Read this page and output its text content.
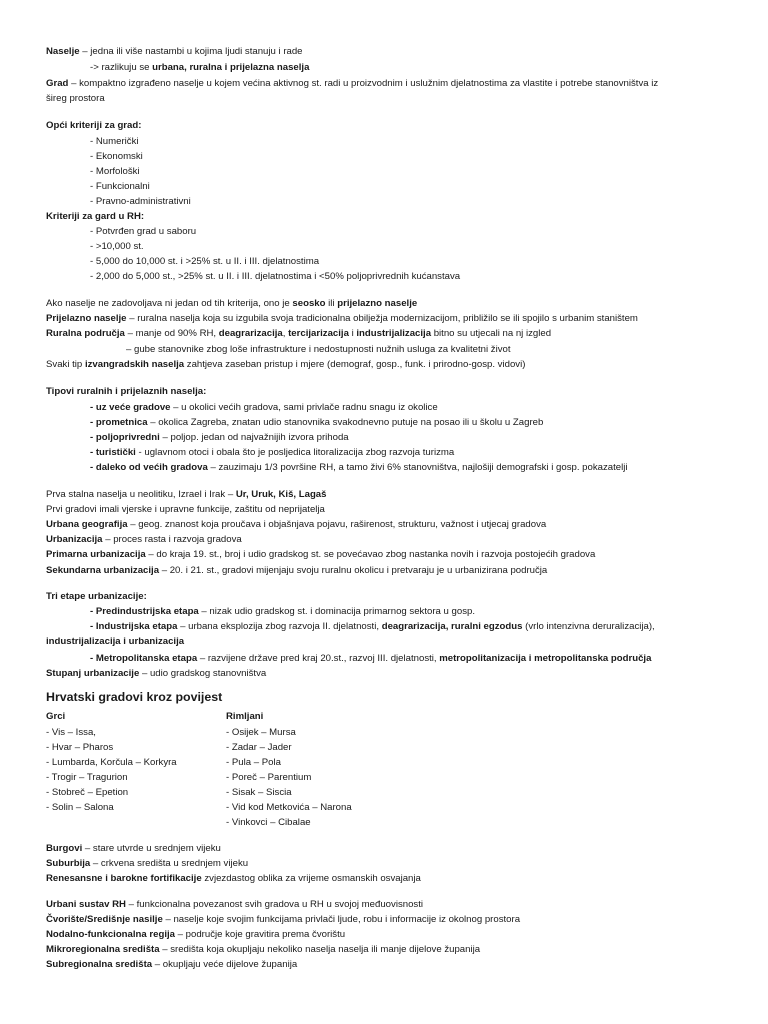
Naselje – jedna ili više nastambi u kojima ljudi stanuju i rade
-> razlikuju se urbana, ruralna i prijelazna naselja
Grad – kompaktno izgrađeno naselje u kojem većina aktivnog st. radi u proizvodnim i uslužnim djelatnostima za vlastite i potrebe stanovništva iz
šireg prostora
Opći kriteriji za grad:
- Numerički
- Ekonomski
- Morfološki
- Funkcionalni
- Pravno-administrativni
Kriteriji za gard u RH:
- Potvrđen grad u saboru
- >10,000 st.
- 5,000 do 10,000 st. i >25% st. u II. i III. djelatnostima
- 2,000 do 5,000 st., >25% st. u II. i III. djelatnostima i <50% poljoprivrednih kućanstava
Ako naselje ne zadovoljava ni jedan od tih kriterija, ono je seosko ili prijelazno naselje
Prijelazno naselje – ruralna naselja koja su izgubila svoja tradicionalna obilježja modernizacijom, približilo se ili spojilo s urbanim staništem
Ruralna područja – manje od 90% RH, deagrarizacija, tercijarizacija i industrijalizacija bitno su utjecali na nj izgled
– gube stanovnike zbog loše infrastrukture i nedostupnosti nužnih usluga za kvalitetni život
Svaki tip izvangradskih naselja zahtjeva zaseban pristup i mjere (demograf, gosp., funk. i prirodno-gosp. vidovi)
Tipovi ruralnih i prijelaznih naselja:
- uz veće gradove – u okolici većih gradova, sami privlače radnu snagu iz okolice
- prometnica – okolica Zagreba, znatan udio stanovnika svakodnevno putuje na posao ili u školu u Zagreb
- poljoprivredni – poljop. jedan od najvažnijih izvora prihoda
- turistički - uglavnom otoci i obala što je posljedica litoralizacija zbog razvoja turizma
- daleko od većih gradova – zauzimaju 1/3 površine RH, a tamo živi 6% stanovništva, najlošiji demografski i gosp. pokazatelji
Prva stalna naselja u neolitiku, Izrael i Irak – Ur, Uruk, Kiš, Lagaš
Prvi gradovi imali vjerske i upravne funkcije, zaštitu od neprijatelja
Urbana geografija – geog. znanost koja proučava i objašnjava pojavu, raširenost, strukturu, važnost i utjecaj gradova
Urbanizacija – proces rasta i razvoja gradova
Primarna urbanizacija – do kraja 19. st., broj i udio gradskog st. se povećavao zbog nastanka novih i razvoja postojećih gradova
Sekundarna urbanizacija – 20. i 21. st., gradovi mijenjaju svoju ruralnu okolicu i pretvaraju je u urbanizirana područja
Tri etape urbanizacije:
- Predindustrijska etapa – nizak udio gradskog st. i dominacija primarnog sektora u gosp.
- Industrijska etapa – urbana eksplozija zbog razvoja II. djelatnosti, deagrarizacija, ruralni egzodus (vrlo intenzivna deruralizacija),
industrijalizacija i urbanizacija
- Metropolitanska etapa – razvijene države pred kraj 20.st., razvoj III. djelatnosti, metropolitanizacija i metropolitanska područja
Stupanj urbanizacije – udio gradskog stanovništva
Hrvatski gradovi kroz povijest
Grci	Rimljani
- Vis – Issa,
- Hvar – Pharos
- Lumbarda, Korčula – Korkyra
- Trogir – Tragurion
- Stobreč – Epetion
- Solin – Salona
- Osijek – Mursa
- Zadar – Jader
- Pula – Pola
- Poreč – Parentium
- Sisak – Siscia
- Vid kod Metkovića – Narona
- Vinkovci – Cibalae
Burgovi – stare utvrde u srednjem vijeku
Suburbija – crkvena središta u srednjem vijeku
Renesansne i barokne fortifikacije zvjezdastog oblika za vrijeme osmanskih osvajanja
Urbani sustav RH – funkcionalna povezanost svih gradova u RH u svojoj međuovisnosti
Čvorište/Središnje nasilje – naselje koje svojim funkcijama privlači ljude, robu i informacije iz okolnog prostora
Nodalno-funkcionalna regija – područje koje gravitira prema čvorištu
Mikroregionalna središta – središta koja okupljaju nekoliko naselja naselja ili manje dijelove županija
Subregionalna središta – okupljaju veće dijelove županija
